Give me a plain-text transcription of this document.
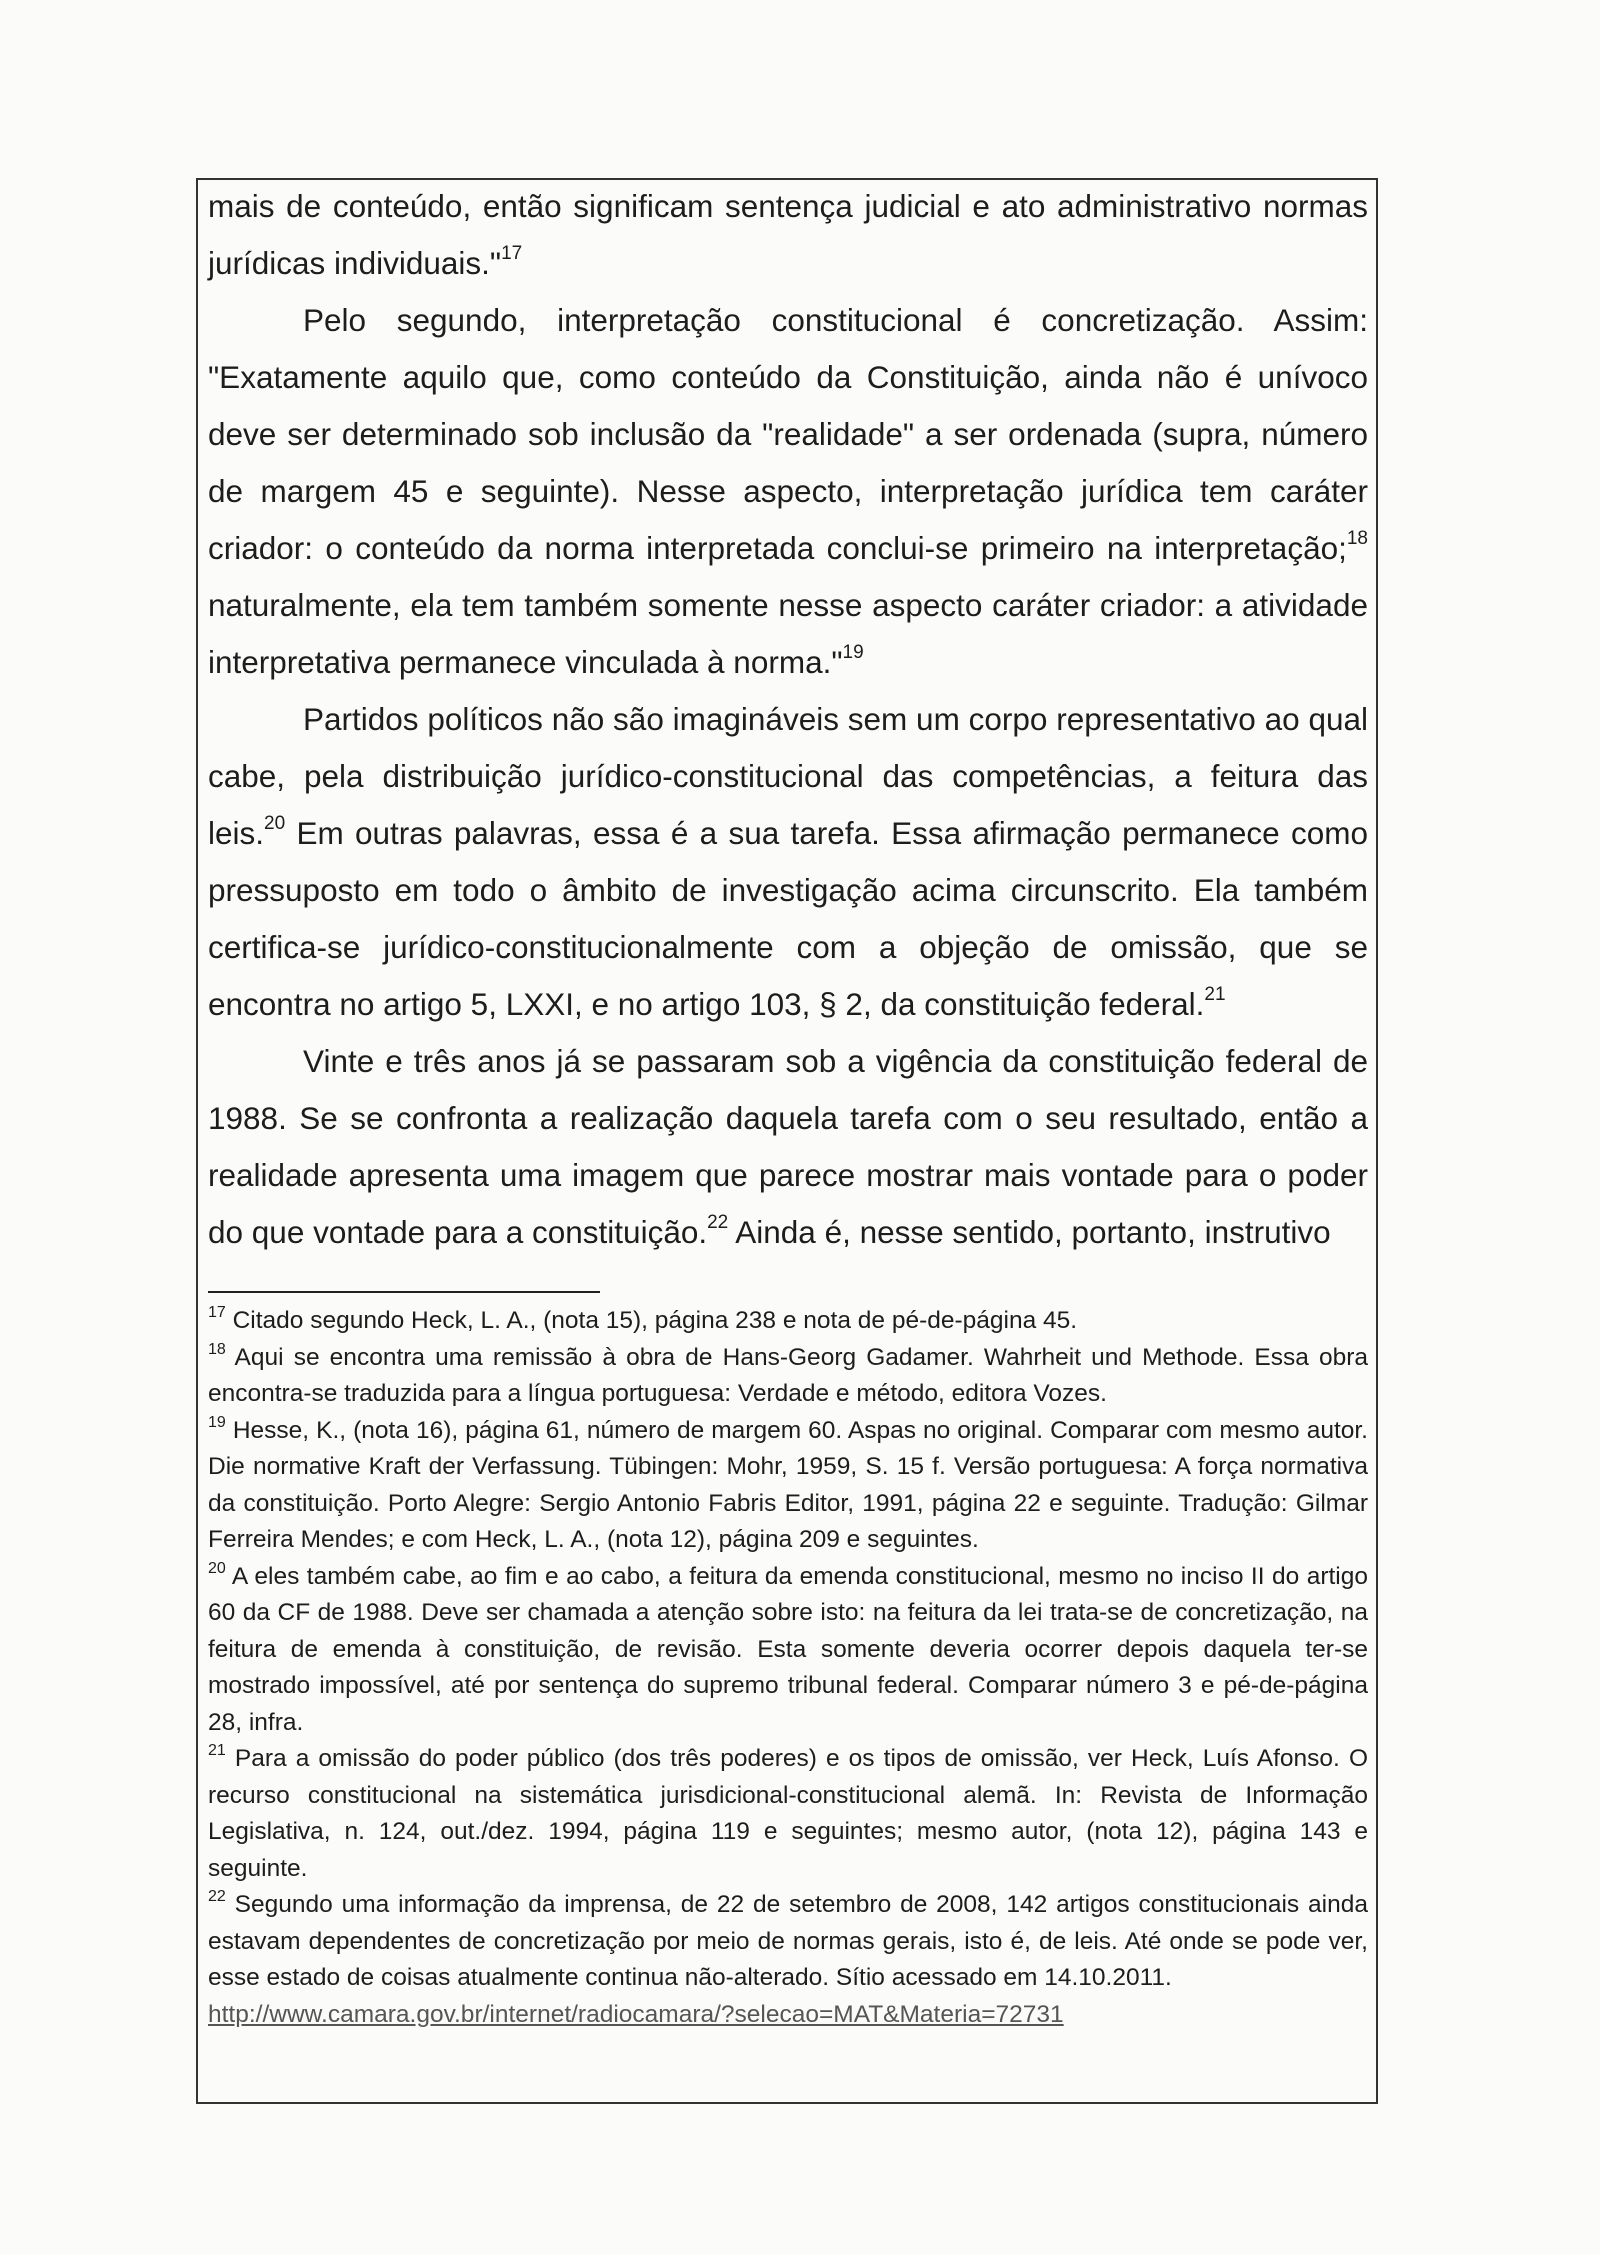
mais de conteúdo, então significam sentença judicial e ato administrativo normas jurídicas individuais."$^{17}$

Pelo segundo, interpretação constitucional é concretização. Assim: "Exatamente aquilo que, como conteúdo da Constituição, ainda não é unívoco deve ser determinado sob inclusão da "realidade" a ser ordenada (supra, número de margem 45 e seguinte). Nesse aspecto, interpretação jurídica tem caráter criador: o conteúdo da norma interpretada conclui-se primeiro na interpretação;$^{18}$ naturalmente, ela tem também somente nesse aspecto caráter criador: a atividade interpretativa permanece vinculada à norma."$^{19}$

Partidos políticos não são imagináveis sem um corpo representativo ao qual cabe, pela distribuição jurídico-constitucional das competências, a feitura das leis.$^{20}$ Em outras palavras, essa é a sua tarefa. Essa afirmação permanece como pressuposto em todo o âmbito de investigação acima circunscrito. Ela também certifica-se jurídico-constitucionalmente com a objeção de omissão, que se encontra no artigo 5, LXXI, e no artigo 103, § 2, da constituição federal.$^{21}$

Vinte e três anos já se passaram sob a vigência da constituição federal de 1988. Se se confronta a realização daquela tarefa com o seu resultado, então a realidade apresenta uma imagem que parece mostrar mais vontade para o poder do que vontade para a constituição.$^{22}$ Ainda é, nesse sentido, portanto, instrutivo

$^{17}$ Citado segundo Heck, L. A., (nota 15), página 238 e nota de pé-de-página 45.

$^{18}$ Aqui se encontra uma remissão à obra de Hans-Georg Gadamer. Wahrheit und Methode. Essa obra encontra-se traduzida para a língua portuguesa: Verdade e método, editora Vozes.

$^{19}$ Hesse, K., (nota 16), página 61, número de margem 60. Aspas no original. Comparar com mesmo autor. Die normative Kraft der Verfassung. Tübingen: Mohr, 1959, S. 15 f. Versão portuguesa: A força normativa da constituição. Porto Alegre: Sergio Antonio Fabris Editor, 1991, página 22 e seguinte. Tradução: Gilmar Ferreira Mendes; e com Heck, L. A., (nota 12), página 209 e seguintes.

$^{20}$ A eles também cabe, ao fim e ao cabo, a feitura da emenda constitucional, mesmo no inciso II do artigo 60 da CF de 1988. Deve ser chamada a atenção sobre isto: na feitura da lei trata-se de concretização, na feitura de emenda à constituição, de revisão. Esta somente deveria ocorrer depois daquela ter-se mostrado impossível, até por sentença do supremo tribunal federal. Comparar número 3 e pé-de-página 28, infra.

$^{21}$ Para a omissão do poder público (dos três poderes) e os tipos de omissão, ver Heck, Luís Afonso. O recurso constitucional na sistemática jurisdicional-constitucional alemã. In: Revista de Informação Legislativa, n. 124, out./dez. 1994, página 119 e seguintes; mesmo autor, (nota 12), página 143 e seguinte.

$^{22}$ Segundo uma informação da imprensa, de 22 de setembro de 2008, 142 artigos constitucionais ainda estavam dependentes de concretização por meio de normas gerais, isto é, de leis. Até onde se pode ver, esse estado de coisas atualmente continua não-alterado. Sítio acessado em 14.10.2011.

http://www.camara.gov.br/internet/radiocamara/?selecao=MAT&Materia=72731
